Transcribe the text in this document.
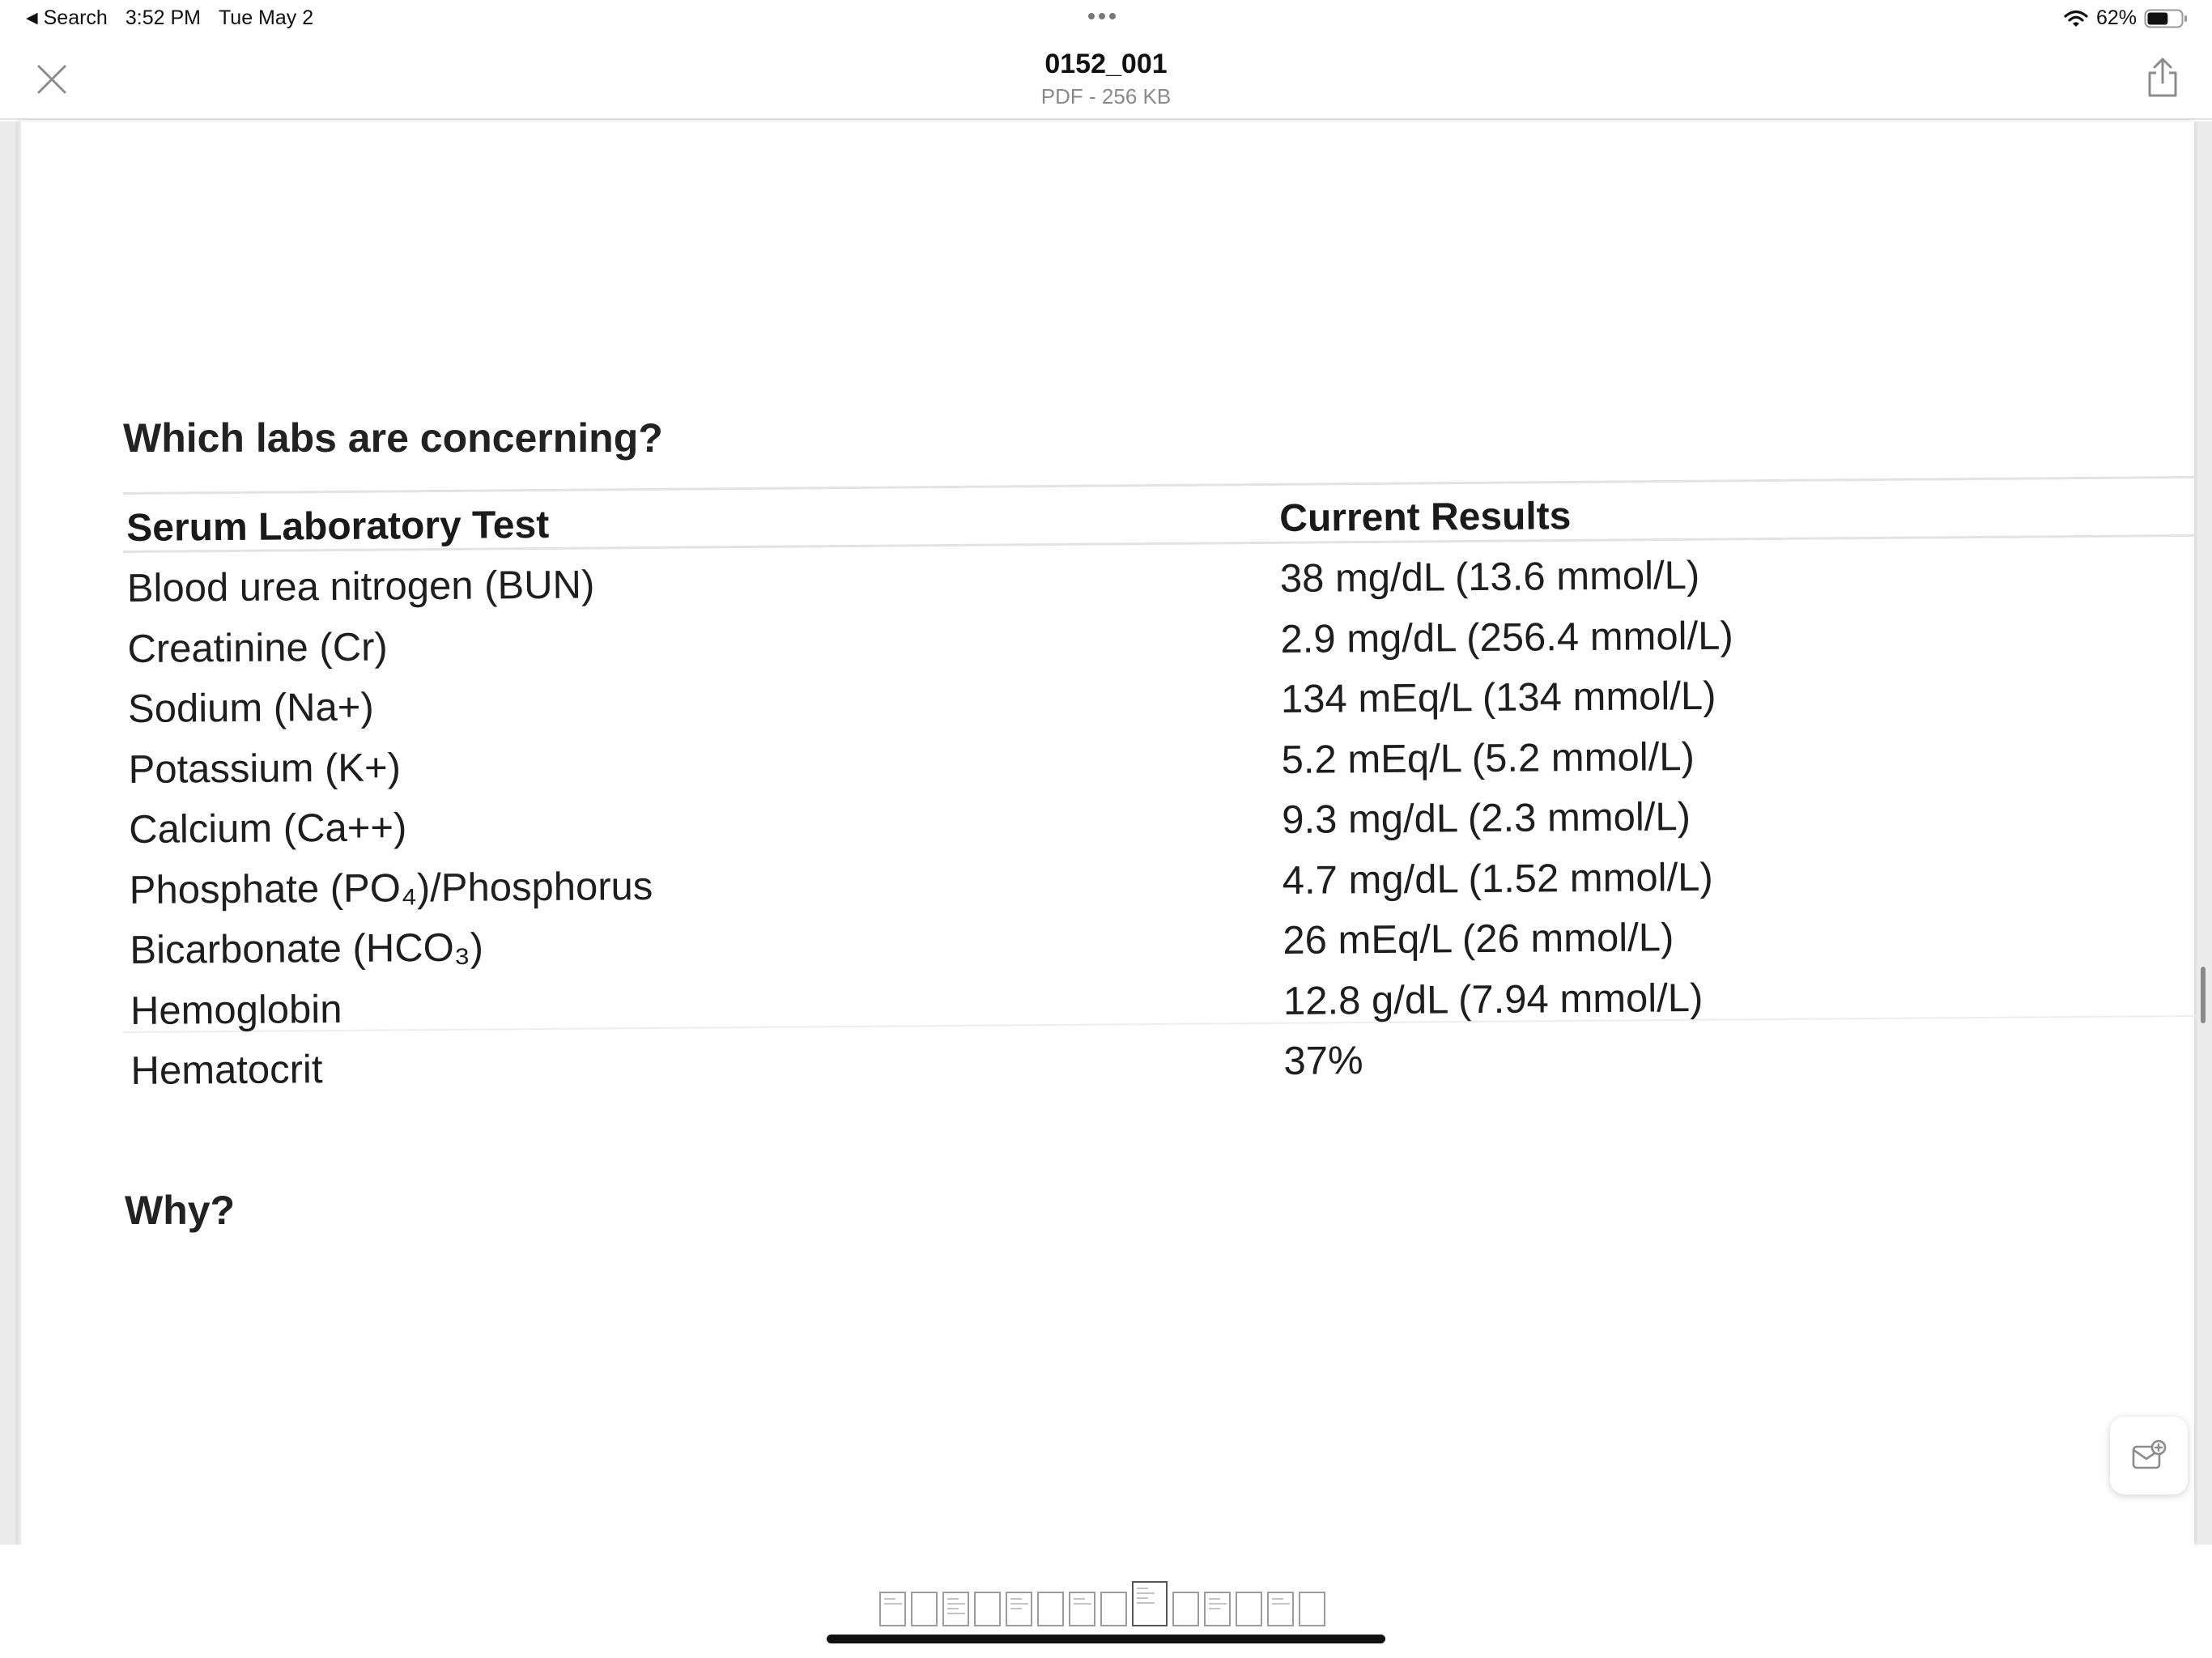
◀ Search 3:52 PM Tue May 2	62%
0152_001
PDF - 256 KB
Which labs are concerning?
Serum Laboratory Test
Blood urea nitrogen (BUN)
Creatinine (Cr)
Sodium (Na+)
Potassium (K+)
Calcium (Ca++)
Phosphate (PO₄)/Phosphorus
Bicarbonate (HCO₃)
Hemoglobin
Hematocrit
Current Results
38 mg/dL (13.6 mmol/L)
2.9 mg/dL (256.4 mmol/L)
134 mEq/L (134 mmol/L)
5.2 mEq/L (5.2 mmol/L)
9.3 mg/dL (2.3 mmol/L)
4.7 mg/dL (1.52 mmol/L)
26 mEq/L (26 mmol/L)
12.8 g/dL (7.94 mmol/L)
37%
Why?
